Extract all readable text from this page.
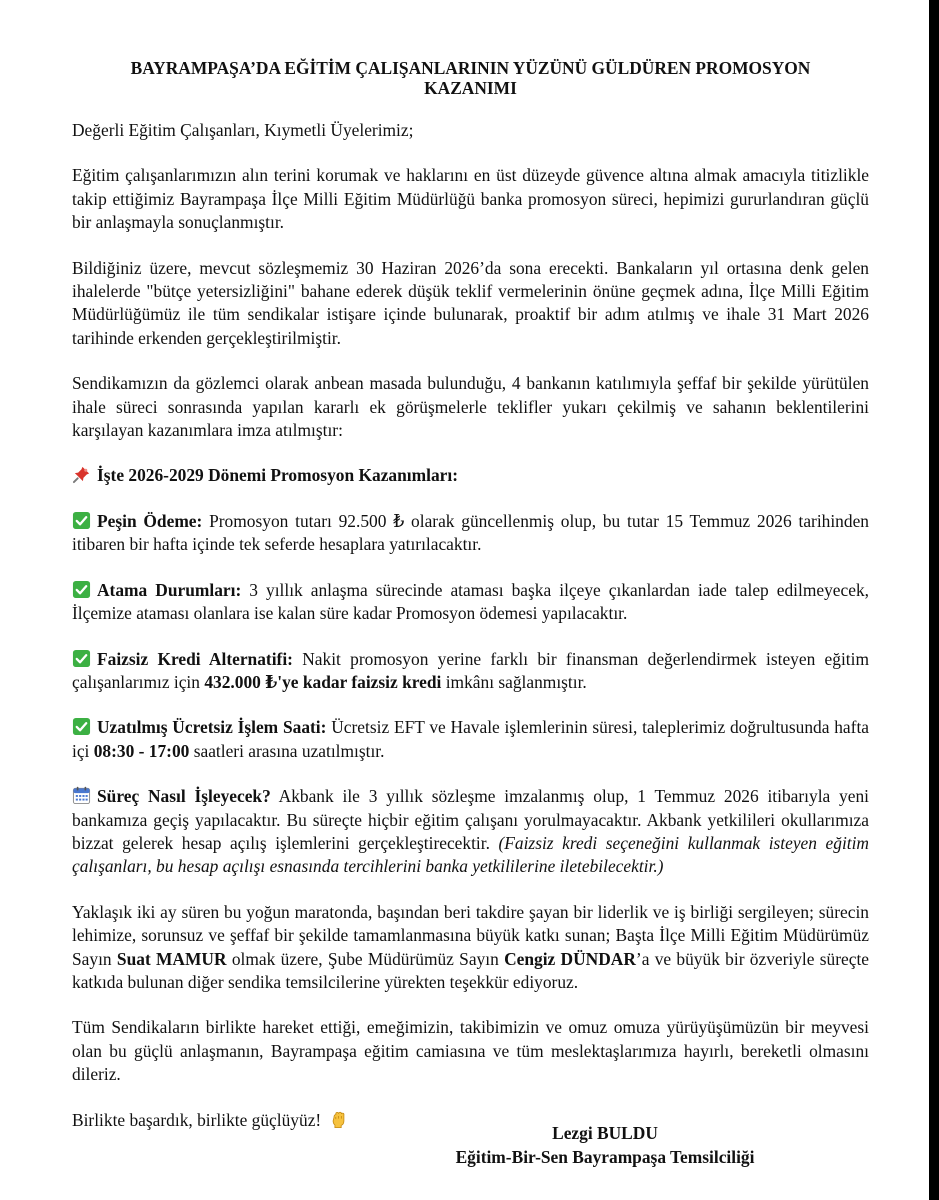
BAYRAMPAŞA’DA EĞİTİM ÇALIŞANLARININ YÜZÜNÜ GÜLDÜREN PROMOSYON KAZANIMI

Değerli Eğitim Çalışanları, Kıymetli Üyelerimiz;

Eğitim çalışanlarımızın alın terini korumak ve haklarını en üst düzeyde güvence altına almak amacıyla titizlikle takip ettiğimiz Bayrampaşa İlçe Milli Eğitim Müdürlüğü banka promosyon süreci, hepimizi gururlandıran güçlü bir anlaşmayla sonuçlanmıştır.

Bildiğiniz üzere, mevcut sözleşmemiz 30 Haziran 2026’da sona erecekti. Bankaların yıl ortasına denk gelen ihalelerde "bütçe yetersizliğini" bahane ederek düşük teklif vermelerinin önüne geçmek adına, İlçe Milli Eğitim Müdürlüğümüz ile tüm sendikalar istişare içinde bulunarak, proaktif bir adım atılmış ve ihale 31 Mart 2026 tarihinde erkenden gerçekleştirilmiştir.

Sendikamızın da gözlemci olarak anbean masada bulunduğu, 4 bankanın katılımıyla şeffaf bir şekilde yürütülen ihale süreci sonrasında yapılan kararlı ek görüşmelerle teklifler yukarı çekilmiş ve sahanın beklentilerini karşılayan kazanımlara imza atılmıştır:

İşte 2026-2029 Dönemi Promosyon Kazanımları:

Peşin Ödeme: Promosyon tutarı 92.500 ₺ olarak güncellenmiş olup, bu tutar 15 Temmuz 2026 tarihinden itibaren bir hafta içinde tek seferde hesaplara yatırılacaktır.

Atama Durumları: 3 yıllık anlaşma sürecinde ataması başka ilçeye çıkanlardan iade talep edilmeyecek, İlçemize ataması olanlara ise kalan süre kadar Promosyon ödemesi yapılacaktır.

Faizsiz Kredi Alternatifi: Nakit promosyon yerine farklı bir finansman değerlendirmek isteyen eğitim çalışanlarımız için 432.000 ₺'ye kadar faizsiz kredi imkânı sağlanmıştır.

Uzatılmış Ücretsiz İşlem Saati: Ücretsiz EFT ve Havale işlemlerinin süresi, taleplerimiz doğrultusunda hafta içi 08:30 - 17:00 saatleri arasına uzatılmıştır.

Süreç Nasıl İşleyecek? Akbank ile 3 yıllık sözleşme imzalanmış olup, 1 Temmuz 2026 itibarıyla yeni bankamıza geçiş yapılacaktır. Bu süreçte hiçbir eğitim çalışanı yorulmayacaktır. Akbank yetkilileri okullarımıza bizzat gelerek hesap açılış işlemlerini gerçekleştirecektir. (Faizsiz kredi seçeneğini kullanmak isteyen eğitim çalışanları, bu hesap açılışı esnasında tercihlerini banka yetkililerine iletebilecektir.)

Yaklaşık iki ay süren bu yoğun maratonda, başından beri takdire şayan bir liderlik ve iş birliği sergileyen; sürecin lehimize, sorunsuz ve şeffaf bir şekilde tamamlanmasına büyük katkı sunan; Başta İlçe Milli Eğitim Müdürümüz Sayın Suat MAMUR olmak üzere, Şube Müdürümüz Sayın Cengiz DÜNDAR’a ve büyük bir özveriyle süreçte katkıda bulunan diğer sendika temsilcilerine yürekten teşekkür ediyoruz.

Tüm Sendikaların birlikte hareket ettiği, emeğimizin, takibimizin ve omuz omuza yürüyüşümüzün bir meyvesi olan bu güçlü anlaşmanın, Bayrampaşa eğitim camiasına ve tüm meslektaşlarımıza hayırlı, bereketli olmasını dileriz.

Birlikte başardık, birlikte güçlüyüz!

Lezgi BULDU
Eğitim-Bir-Sen Bayrampaşa Temsilciliği
